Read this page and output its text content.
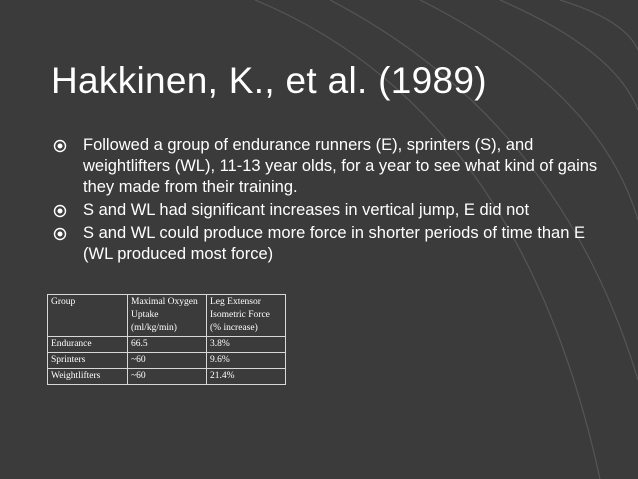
Hakkinen, K., et al. (1989)
Followed a group of endurance runners (E), sprinters (S), and weightlifters (WL), 11-13 year olds, for a year to see what kind of gains they made from their training.
S and WL had significant increases in vertical jump, E did not
S and WL could produce more force in shorter periods of time than E (WL produced most force)
Group	Maximal Oxygen Uptake (ml/kg/min)	Leg Extensor Isometric Force (% increase)
Endurance	66.5	3.8%
Sprinters	~60	9.6%
Weightlifters	~60	21.4%
